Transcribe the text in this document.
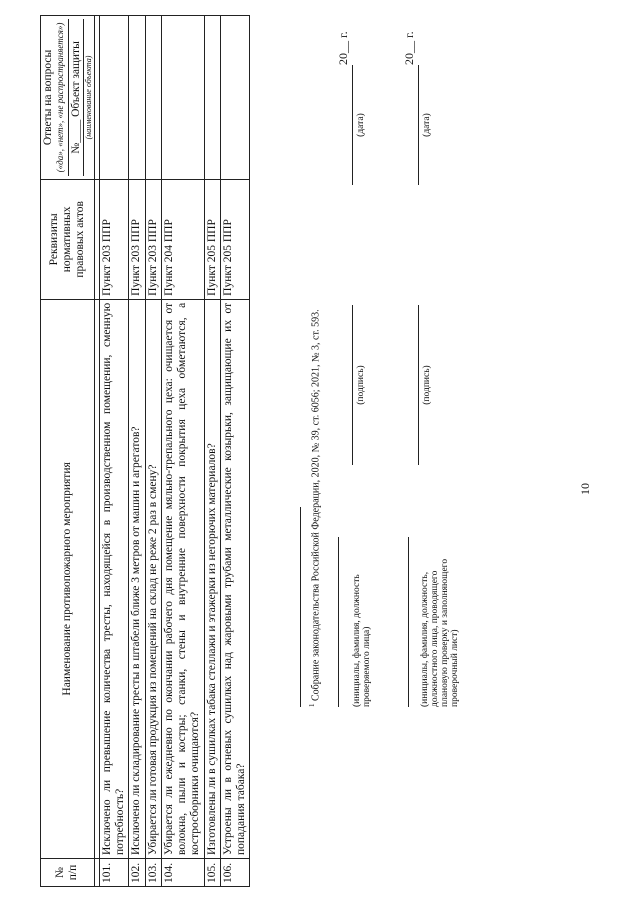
10
№ п/п	Наименование противопожарного мероприятия	Реквизиты нормативных правовых актов	Ответы на вопросы («да», «нет», «не распространяется») №____ Объект защиты (наименование объекта)

101.	Исключено ли превышение количества тресты, находящейся в производственном помещении, сменную потребность?	Пункт 203 ППР	
102.	Исключено ли складирование тресты в штабели ближе 3 метров от машин и агрегатов?	Пункт 203 ППР	
103.	Убирается ли готовая продукция из помещений на склад не реже 2 раз в смену?	Пункт 203 ППР	
104.	Убирается ли ежедневно по окончании рабочего дня помещение мяльно-трепального цеха: очищается от волокна, пыли и костры; станки, стены и внутренние поверхности покрытия цеха обметаются, а костросборники очищаются?	Пункт 204 ППР	
105.	Изготовлены ли в сушилках табака стеллажи и этажерки из негорючих материалов?	Пункт 205 ППР	
106.	Устроены ли в огневых сушилках над жаровыми трубами металлические козырьки, защищающие их от попадания табака?	Пункт 205 ППР	
$^1$ Собрание законодательства Российской Федерации, 2020, № 39, ст. 6056; 2021, № 3, ст. 593.	(инициалы, фамилия, должность проверяемого лица)
(подпись)
(дата)
20__ г.
(инициалы, фамилия, должность, должностного лица, проводящего плановую проверку и заполняющего проверочный лист)
(подпись)
(дата)
20__ г.
